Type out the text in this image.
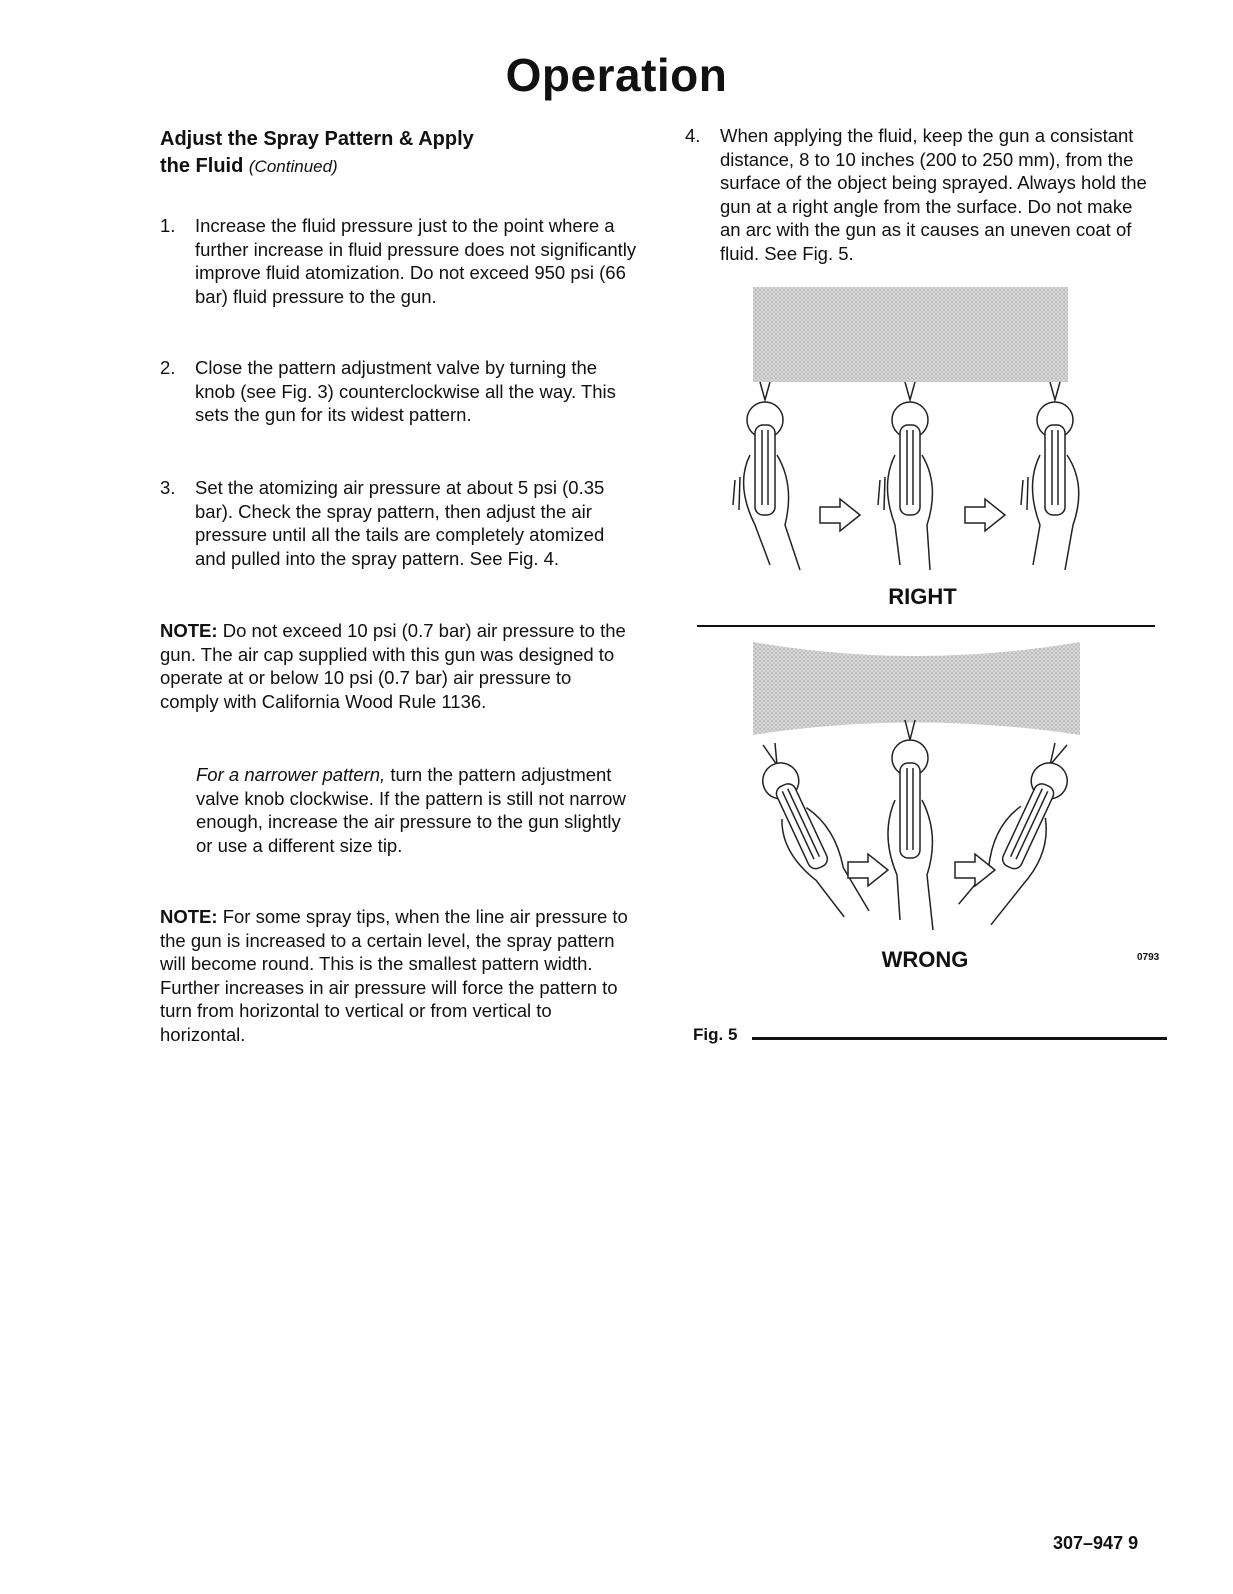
Operation
Adjust the Spray Pattern & Apply
the Fluid (Continued)
1.	Increase the fluid pressure just to the point where a further increase in fluid pressure does not significantly improve fluid atomization. Do not exceed 950 psi (66 bar) fluid pressure to the gun.
2.	Close the pattern adjustment valve by turning the knob (see Fig. 3) counterclockwise all the way. This sets the gun for its widest pattern.
3.	Set the atomizing air pressure at about 5 psi (0.35 bar). Check the spray pattern, then adjust the air pressure until all the tails are completely atomized and pulled into the spray pattern. See Fig. 4.
NOTE: Do not exceed 10 psi (0.7 bar) air pressure to the gun. The air cap supplied with this gun was designed to operate at or below 10 psi (0.7 bar) air pressure to comply with California Wood Rule 1136.
For a narrower pattern, turn the pattern adjustment valve knob clockwise. If the pattern is still not narrow enough, increase the air pressure to the gun slightly or use a different size tip.
NOTE: For some spray tips, when the line air pressure to the gun is increased to a certain level, the spray pattern will become round. This is the smallest pattern width. Further increases in air pressure will force the pattern to turn from horizontal to vertical or from vertical to horizontal.
4.	When applying the fluid, keep the gun a consistant distance, 8 to 10 inches (200 to 250 mm), from the surface of the object being sprayed. Always hold the gun at a right angle from the surface. Do not make an arc with the gun as it causes an uneven coat of fluid. See Fig. 5.
RIGHT
WRONG	0793
Fig. 5
307–947 9
